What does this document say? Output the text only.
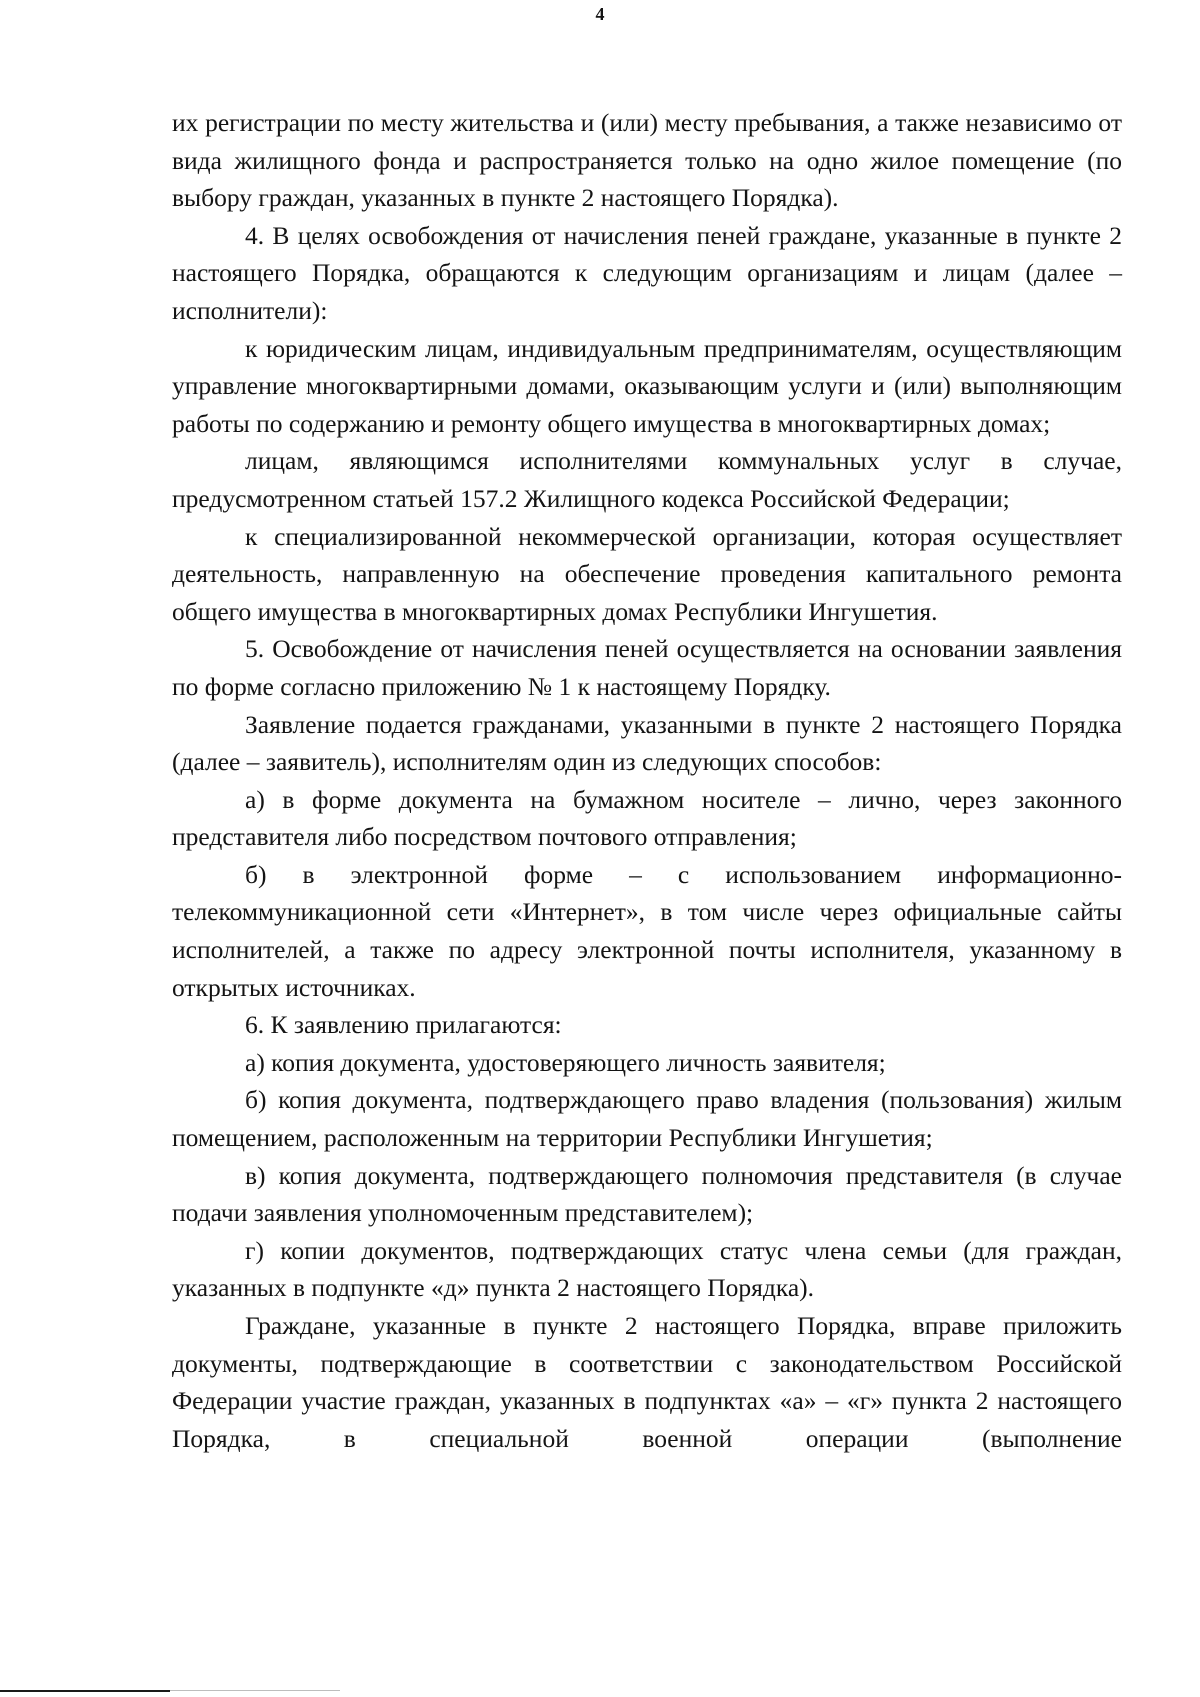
4

их регистрации по месту жительства и (или) месту пребывания, а также независимо от вида жилищного фонда и распространяется только на одно жилое помещение (по выбору граждан, указанных в пункте 2 настоящего Порядка).

4. В целях освобождения от начисления пеней граждане, указанные в пункте 2 настоящего Порядка, обращаются к следующим организациям и лицам (далее – исполнители):

к юридическим лицам, индивидуальным предпринимателям, осуществляющим управление многоквартирными домами, оказывающим услуги и (или) выполняющим работы по содержанию и ремонту общего имущества в многоквартирных домах;

лицам, являющимся исполнителями коммунальных услуг в случае, предусмотренном статьей 157.2 Жилищного кодекса Российской Федерации;

к специализированной некоммерческой организации, которая осуществляет деятельность, направленную на обеспечение проведения капитального ремонта общего имущества в многоквартирных домах Республики Ингушетия.

5. Освобождение от начисления пеней осуществляется на основании заявления по форме согласно приложению № 1 к настоящему Порядку.

Заявление подается гражданами, указанными в пункте 2 настоящего Порядка (далее – заявитель), исполнителям один из следующих способов:

а) в форме документа на бумажном носителе – лично, через законного представителя либо посредством почтового отправления;

б) в электронной форме – с использованием информационно-телекоммуникационной сети «Интернет», в том числе через официальные сайты исполнителей, а также по адресу электронной почты исполнителя, указанному в открытых источниках.

6. К заявлению прилагаются:

а) копия документа, удостоверяющего личность заявителя;

б) копия документа, подтверждающего право владения (пользования) жилым помещением, расположенным на территории Республики Ингушетия;

в) копия документа, подтверждающего полномочия представителя (в случае подачи заявления уполномоченным представителем);

г) копии документов, подтверждающих статус члена семьи (для граждан, указанных в подпункте «д» пункта 2 настоящего Порядка).

Граждане, указанные в пункте 2 настоящего Порядка, вправе приложить документы, подтверждающие в соответствии с законодательством Российской Федерации участие граждан, указанных в подпунктах «а» – «г» пункта 2 настоящего Порядка, в специальной военной операции (выполнение
